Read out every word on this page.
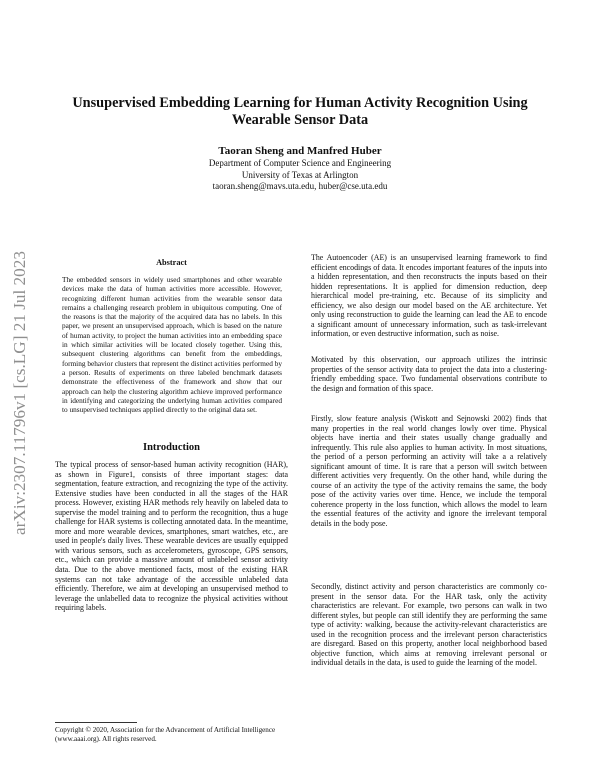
arXiv:2307.11796v1 [cs.LG] 21 Jul 2023
Unsupervised Embedding Learning for Human Activity Recognition Using
Wearable Sensor Data
Taoran Sheng and Manfred Huber
Department of Computer Science and Engineering
University of Texas at Arlington
taoran.sheng@mavs.uta.edu, huber@cse.uta.edu
Abstract

The embedded sensors in widely used smartphones and other wearable devices make the data of human activities more accessible. However, recognizing different human activities from the wearable sensor data remains a challenging research problem in ubiquitous computing. One of the reasons is that the majority of the acquired data has no labels. In this paper, we present an unsupervised approach, which is based on the nature of human activity, to project the human activities into an embedding space in which similar activities will be located closely together. Using this, subsequent clustering algorithms can benefit from the embeddings, forming behavior clusters that represent the distinct activities performed by a person. Results of experiments on three labeled benchmark datasets demonstrate the effectiveness of the framework and show that our approach can help the clustering algorithm achieve improved performance in identifying and categorizing the underlying human activities compared to unsupervised techniques applied directly to the original data set.

Introduction

The typical process of sensor-based human activity recognition (HAR), as shown in Figure1, consists of three important stages: data segmentation, feature extraction, and recognizing the type of the activity. Extensive studies have been conducted in all the stages of the HAR process. However, existing HAR methods rely heavily on labeled data to supervise the model training and to perform the recognition, thus a huge challenge for HAR systems is collecting annotated data. In the meantime, more and more wearable devices, smartphones, smart watches, etc., are used in people's daily lives. These wearable devices are usually equipped with various sensors, such as accelerometers, gyroscope, GPS sensors, etc., which can provide a massive amount of unlabeled sensor activity data. Due to the above mentioned facts, most of the existing HAR systems can not take advantage of the accessible unlabeled data efficiently. Therefore, we aim at developing an unsupervised method to leverage the unlabelled data to recognize the physical activities without requiring labels.

Copyright © 2020, Association for the Advancement of Artificial Intelligence (www.aaai.org). All rights reserved.

The Autoencoder (AE) is an unsupervised learning framework to find efficient encodings of data. It encodes important features of the inputs into a hidden representation, and then reconstructs the inputs based on their hidden representations. It is applied for dimension reduction, deep hierarchical model pre-training, etc. Because of its simplicity and efficiency, we also design our model based on the AE architecture. Yet only using reconstruction to guide the learning can lead the AE to encode a significant amount of unnecessary information, such as task-irrelevant information, or even destructive information, such as noise.

Motivated by this observation, our approach utilizes the intrinsic properties of the sensor activity data to project the data into a clustering-friendly embedding space. Two fundamental observations contribute to the design and formation of this space.

Firstly, slow feature analysis (Wiskott and Sejnowski 2002) finds that many properties in the real world changes lowly over time. Physical objects have inertia and their states usually change gradually and infrequently. This rule also applies to human activity. In most situations, the period of a person performing an activity will take a a relatively significant amount of time. It is rare that a person will switch between different activities very frequently. On the other hand, while during the course of an activity the type of the activity remains the same, the body pose of the activity varies over time. Hence, we include the temporal coherence property in the loss function, which allows the model to learn the essential features of the activity and ignore the irrelevant temporal details in the body pose.

Secondly, distinct activity and person characteristics are commonly co-present in the sensor data. For the HAR task, only the activity characteristics are relevant. For example, two persons can walk in two different styles, but people can still identify they are performing the same type of activity: walking, because the activity-relevant characteristics are used in the recognition process and the irrelevant person characteristics are disregard. Based on this property, another local neighborhood based objective function, which aims at removing irrelevant personal or individual details in the data, is used to guide the learning of the model.
